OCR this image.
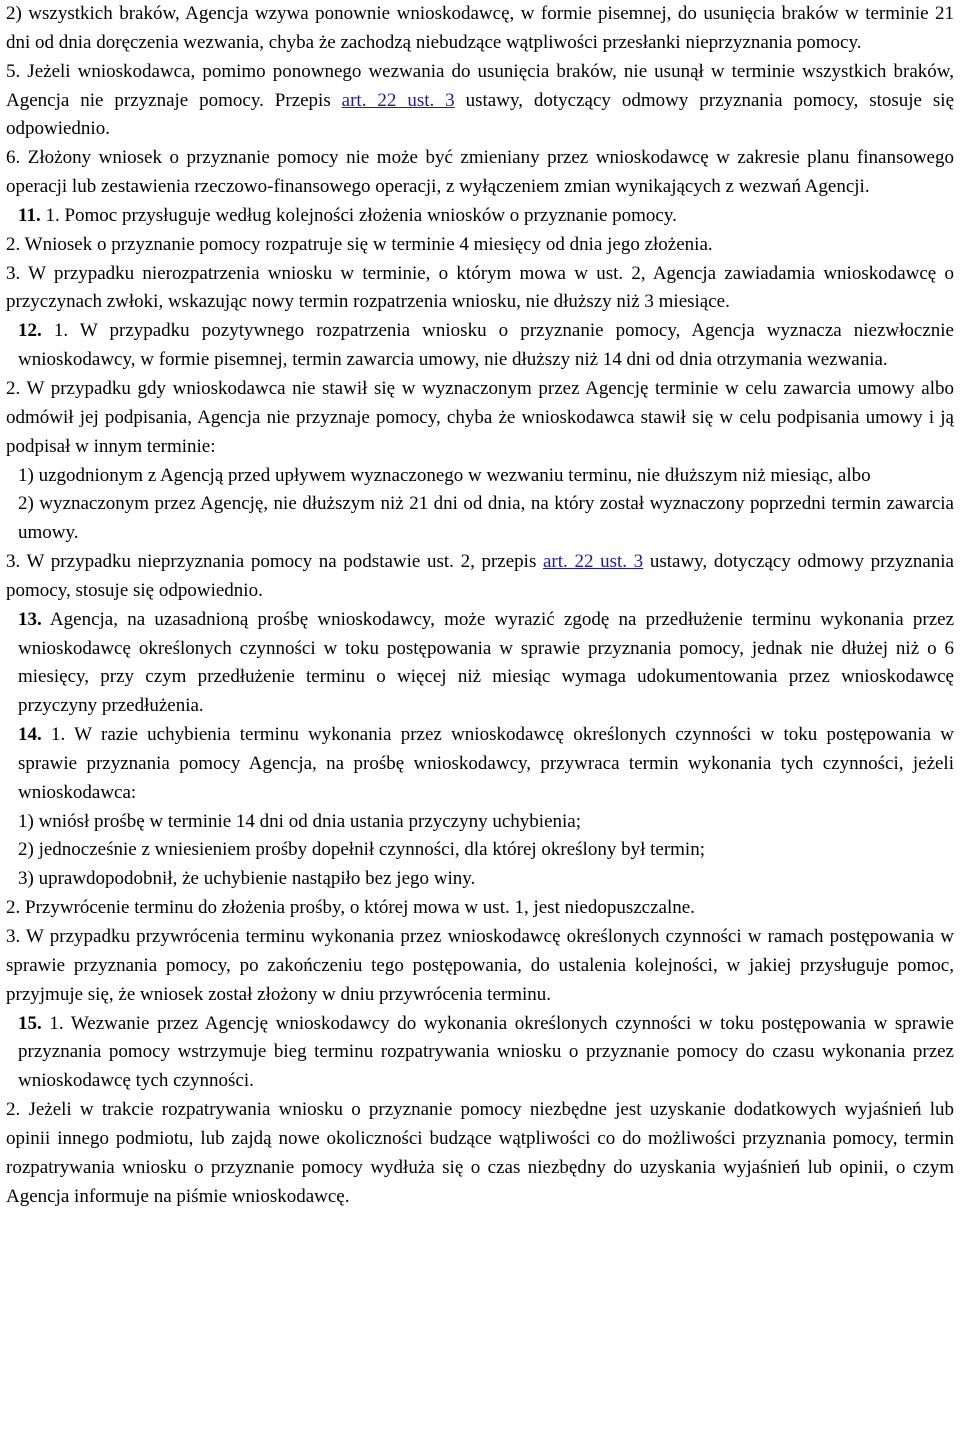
2) wszystkich braków, Agencja wzywa ponownie wnioskodawcę, w formie pisemnej, do usunięcia braków w terminie 21 dni od dnia doręczenia wezwania, chyba że zachodzą niebudzące wątpliwości przesłanki nieprzyznania pomocy.

5. Jeżeli wnioskodawca, pomimo ponownego wezwania do usunięcia braków, nie usunął w terminie wszystkich braków, Agencja nie przyznaje pomocy. Przepis art. 22 ust. 3 ustawy, dotyczący odmowy przyznania pomocy, stosuje się odpowiednio.

6. Złożony wniosek o przyznanie pomocy nie może być zmieniany przez wnioskodawcę w zakresie planu finansowego operacji lub zestawienia rzeczowo-finansowego operacji, z wyłączeniem zmian wynikających z wezwań Agencji.

11. 1. Pomoc przysługuje według kolejności złożenia wniosków o przyznanie pomocy.

2. Wniosek o przyznanie pomocy rozpatruje się w terminie 4 miesięcy od dnia jego złożenia.

3. W przypadku nierozpatrzenia wniosku w terminie, o którym mowa w ust. 2, Agencja zawiadamia wnioskodawcę o przyczynach zwłoki, wskazując nowy termin rozpatrzenia wniosku, nie dłuższy niż 3 miesiące.

12. 1. W przypadku pozytywnego rozpatrzenia wniosku o przyznanie pomocy, Agencja wyznacza niezwłocznie wnioskodawcy, w formie pisemnej, termin zawarcia umowy, nie dłuższy niż 14 dni od dnia otrzymania wezwania.

2. W przypadku gdy wnioskodawca nie stawił się w wyznaczonym przez Agencję terminie w celu zawarcia umowy albo odmówił jej podpisania, Agencja nie przyznaje pomocy, chyba że wnioskodawca stawił się w celu podpisania umowy i ją podpisał w innym terminie:

1) uzgodnionym z Agencją przed upływem wyznaczonego w wezwaniu terminu, nie dłuższym niż miesiąc, albo

2) wyznaczonym przez Agencję, nie dłuższym niż 21 dni od dnia, na który został wyznaczony poprzedni termin zawarcia umowy.

3. W przypadku nieprzyznania pomocy na podstawie ust. 2, przepis art. 22 ust. 3 ustawy, dotyczący odmowy przyznania pomocy, stosuje się odpowiednio.

13. Agencja, na uzasadnioną prośbę wnioskodawcy, może wyrazić zgodę na przedłużenie terminu wykonania przez wnioskodawcę określonych czynności w toku postępowania w sprawie przyznania pomocy, jednak nie dłużej niż o 6 miesięcy, przy czym przedłużenie terminu o więcej niż miesiąc wymaga udokumentowania przez wnioskodawcę przyczyny przedłużenia.

14. 1. W razie uchybienia terminu wykonania przez wnioskodawcę określonych czynności w toku postępowania w sprawie przyznania pomocy Agencja, na prośbę wnioskodawcy, przywraca termin wykonania tych czynności, jeżeli wnioskodawca:

1) wniósł prośbę w terminie 14 dni od dnia ustania przyczyny uchybienia;

2) jednocześnie z wniesieniem prośby dopełnił czynności, dla której określony był termin;

3) uprawdopodobnił, że uchybienie nastąpiło bez jego winy.

2. Przywrócenie terminu do złożenia prośby, o której mowa w ust. 1, jest niedopuszczalne.

3. W przypadku przywrócenia terminu wykonania przez wnioskodawcę określonych czynności w ramach postępowania w sprawie przyznania pomocy, po zakończeniu tego postępowania, do ustalenia kolejności, w jakiej przysługuje pomoc, przyjmuje się, że wniosek został złożony w dniu przywrócenia terminu.

15. 1. Wezwanie przez Agencję wnioskodawcy do wykonania określonych czynności w toku postępowania w sprawie przyznania pomocy wstrzymuje bieg terminu rozpatrywania wniosku o przyznanie pomocy do czasu wykonania przez wnioskodawcę tych czynności.

2. Jeżeli w trakcie rozpatrywania wniosku o przyznanie pomocy niezbędne jest uzyskanie dodatkowych wyjaśnień lub opinii innego podmiotu, lub zajdą nowe okoliczności budzące wątpliwości co do możliwości przyznania pomocy, termin rozpatrywania wniosku o przyznanie pomocy wydłuża się o czas niezbędny do uzyskania wyjaśnień lub opinii, o czym Agencja informuje na piśmie wnioskodawcę.
